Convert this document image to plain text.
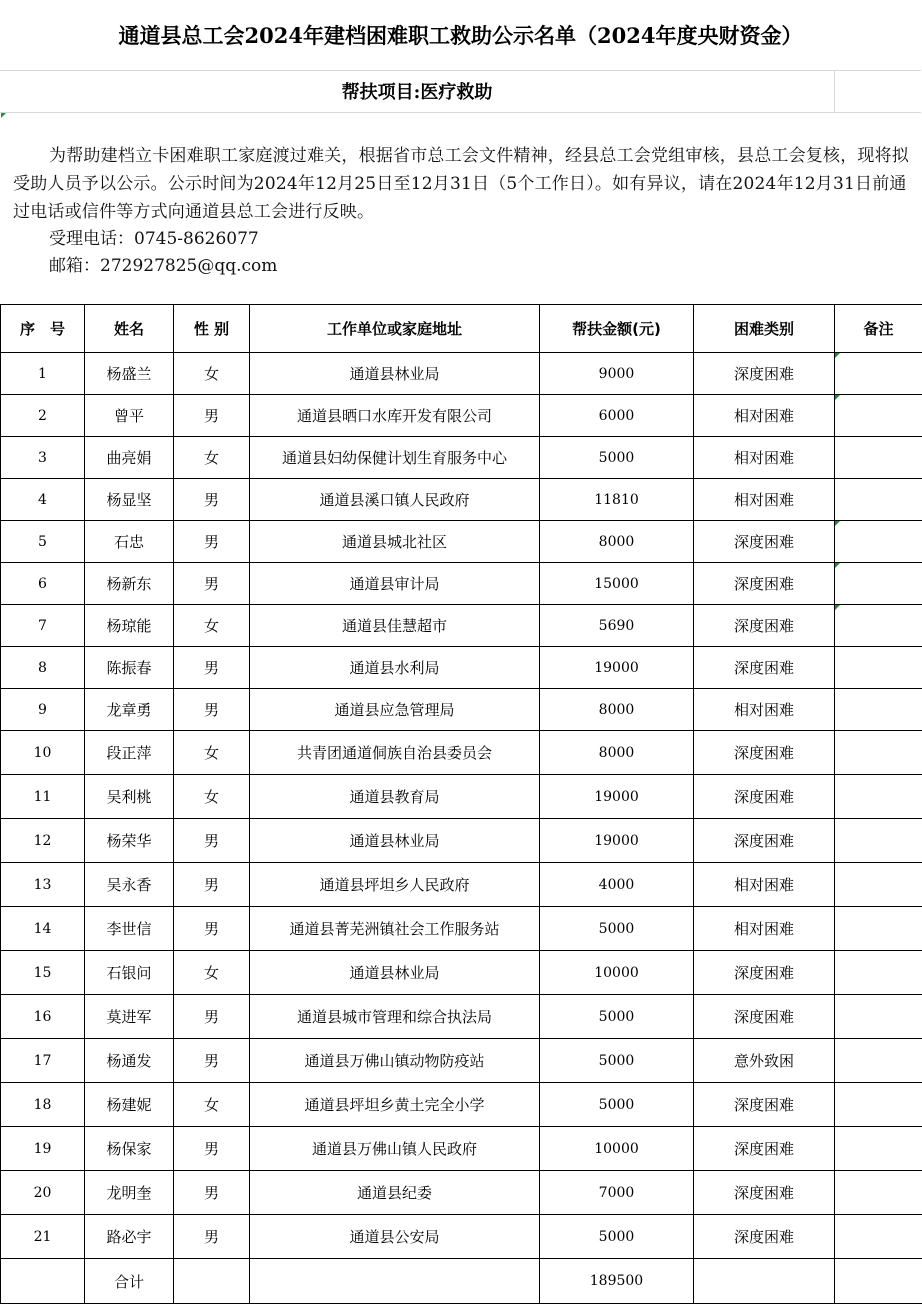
通道县总工会2024年建档困难职工救助公示名单（2024年度央财资金）
帮扶项目:医疗救助

为帮助建档立卡困难职工家庭渡过难关，根据省市总工会文件精神，经县总工会党组审核，县总工会复核，现将拟受助人员予以公示。公示时间为2024年12月25日至12月31日（5个工作日）。如有异议，请在2024年12月31日前通过电话或信件等方式向通道县总工会进行反映。

受理电话：0745-8626077

邮箱：272927825@qq.com

序　号	姓名	性 别	工作单位或家庭地址	帮扶金额(元)	困难类别	备注
1	杨盛兰	女	通道县林业局	9000	深度困难	
2	曾平	男	通道县晒口水库开发有限公司	6000	相对困难	
3	曲亮娟	女	通道县妇幼保健计划生育服务中心	5000	相对困难	
4	杨显坚	男	通道县溪口镇人民政府	11810	相对困难	
5	石忠	男	通道县城北社区	8000	深度困难	
6	杨新东	男	通道县审计局	15000	深度困难	
7	杨琼能	女	通道县佳慧超市	5690	深度困难	
8	陈振春	男	通道县水利局	19000	深度困难	
9	龙章勇	男	通道县应急管理局	8000	相对困难	
10	段正萍	女	共青团通道侗族自治县委员会	8000	深度困难	
11	吴利桃	女	通道县教育局	19000	深度困难	
12	杨荣华	男	通道县林业局	19000	深度困难	
13	吴永香	男	通道县坪坦乡人民政府	4000	相对困难	
14	李世信	男	通道县菁芜洲镇社会工作服务站	5000	相对困难	
15	石银问	女	通道县林业局	10000	深度困难	
16	莫进军	男	通道县城市管理和综合执法局	5000	深度困难	
17	杨通发	男	通道县万佛山镇动物防疫站	5000	意外致困	
18	杨建妮	女	通道县坪坦乡黄土完全小学	5000	深度困难	
19	杨保家	男	通道县万佛山镇人民政府	10000	深度困难	
20	龙明奎	男	通道县纪委	7000	深度困难	
21	路必宇	男	通道县公安局	5000	深度困难	
	合计			189500		
